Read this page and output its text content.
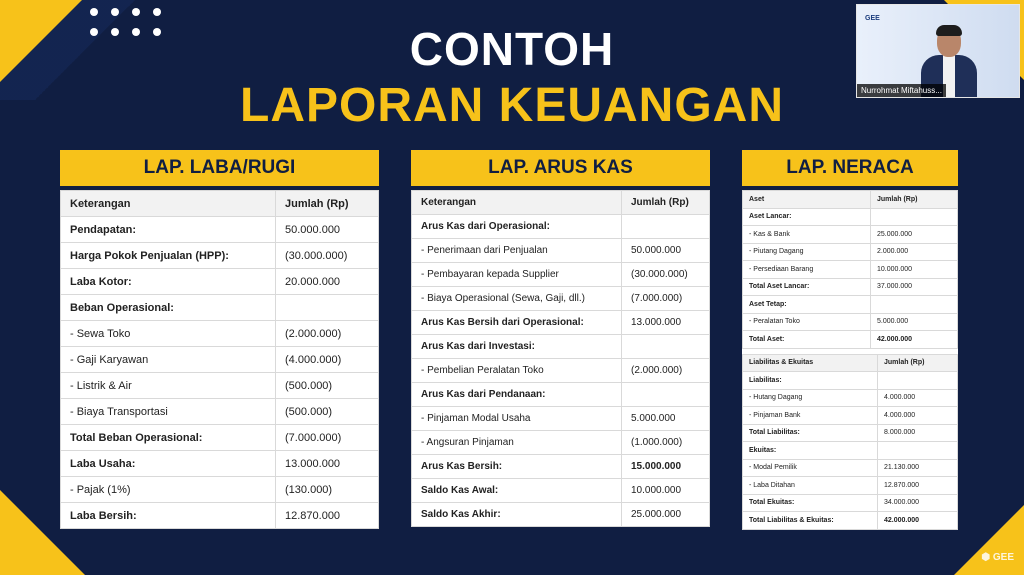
CONTOH
LAPORAN KEUANGAN
LAP. LABA/RUGI
Keterangan	Jumlah (Rp)
Pendapatan:	50.000.000
Harga Pokok Penjualan (HPP):	(30.000.000)
Laba Kotor:	20.000.000
Beban Operasional:	
- Sewa Toko	(2.000.000)
- Gaji Karyawan	(4.000.000)
- Listrik & Air	(500.000)
- Biaya Transportasi	(500.000)
Total Beban Operasional:	(7.000.000)
Laba Usaha:	13.000.000
- Pajak (1%)	(130.000)
Laba Bersih:	12.870.000
LAP. ARUS KAS
Keterangan	Jumlah (Rp)
Arus Kas dari Operasional:	
- Penerimaan dari Penjualan	50.000.000
- Pembayaran kepada Supplier	(30.000.000)
- Biaya Operasional (Sewa, Gaji, dll.)	(7.000.000)
Arus Kas Bersih dari Operasional:	13.000.000
Arus Kas dari Investasi:	
- Pembelian Peralatan Toko	(2.000.000)
Arus Kas dari Pendanaan:	
- Pinjaman Modal Usaha	5.000.000
- Angsuran Pinjaman	(1.000.000)
Arus Kas Bersih:	15.000.000
Saldo Kas Awal:	10.000.000
Saldo Kas Akhir:	25.000.000
LAP. NERACA
Aset	Jumlah (Rp)
Aset Lancar:	
- Kas & Bank	25.000.000
- Piutang Dagang	2.000.000
- Persediaan Barang	10.000.000
Total Aset Lancar:	37.000.000
Aset Tetap:	
- Peralatan Toko	5.000.000
Total Aset:	42.000.000
Liabilitas & Ekuitas	Jumlah (Rp)
Liabilitas:	
- Hutang Dagang	4.000.000
- Pinjaman Bank	4.000.000
Total Liabilitas:	8.000.000
Ekuitas:	
- Modal Pemilik	21.130.000
- Laba Ditahan	12.870.000
Total Ekuitas:	34.000.000
Total Liabilitas & Ekuitas:	42.000.000
GEE
Nurrohmat Miftahuss...
⬢ GEE
